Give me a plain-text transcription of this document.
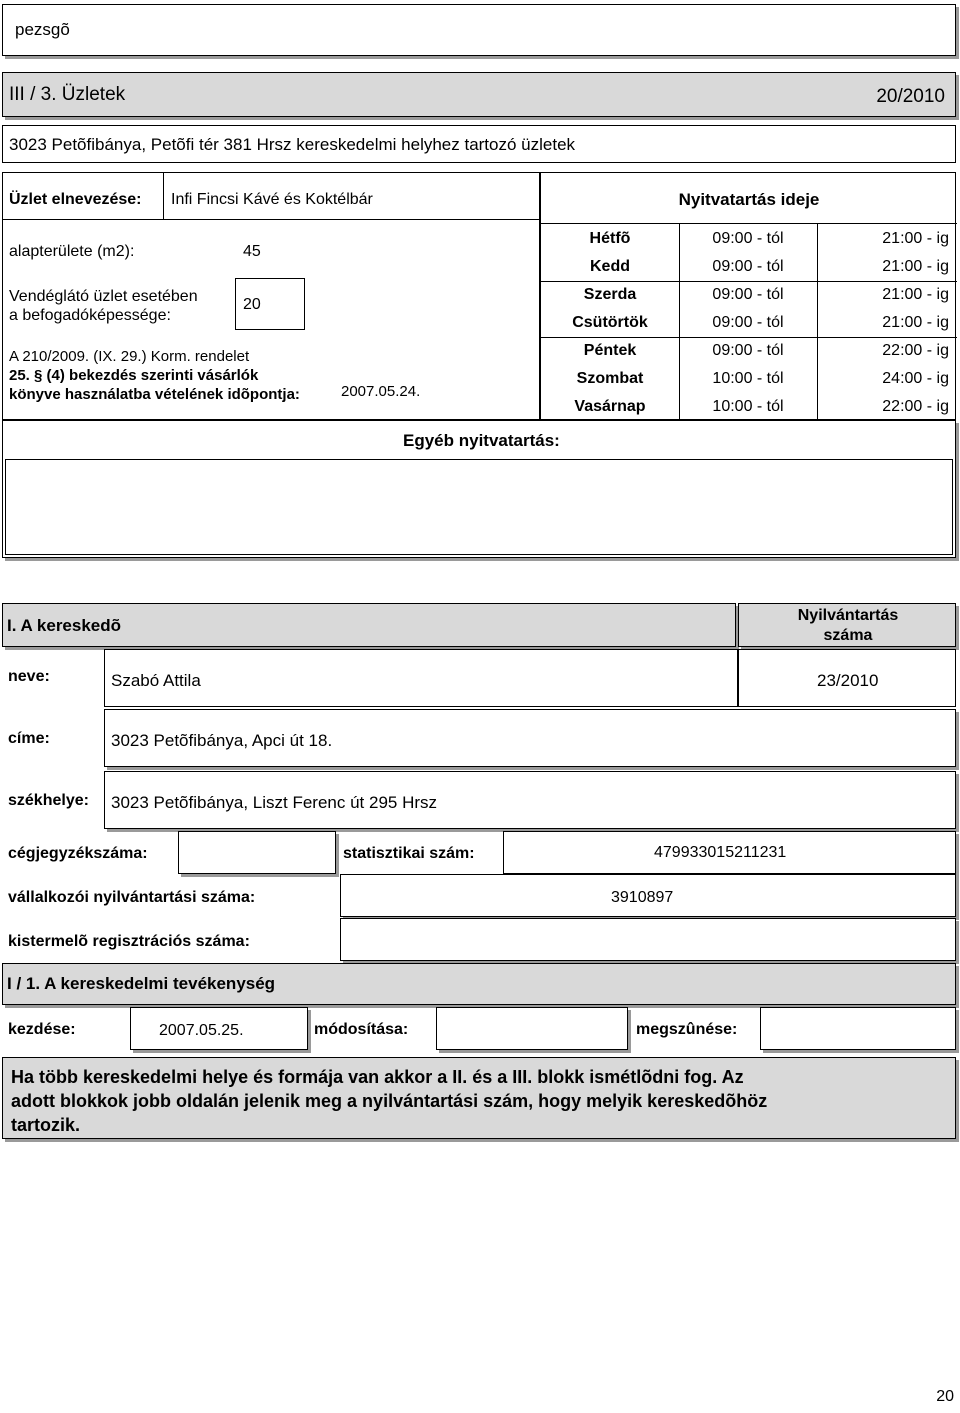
pezsgõ
III / 3. Üzletek	20/2010
3023 Petõfibánya, Petõfi tér 381 Hrsz kereskedelmi helyhez tartozó üzletek
Üzlet elnevezése: Infi Fincsi Kávé és Koktélbár
alapterülete (m2):	45
Vendéglátó üzlet esetében
a befogadóképessége:
20
A 210/2009. (IX. 29.) Korm. rendelet
25. § (4) bekezdés szerinti vásárlók
könyve használatba vételének idõpontja:	2007.05.24.
Nyitvatartás ideje
Hétfõ	09:00 - tól	21:00 - ig
Kedd	09:00 - tól	21:00 - ig
Szerda	09:00 - tól	21:00 - ig
Csütörtök	09:00 - tól	21:00 - ig
Péntek	09:00 - tól	22:00 - ig
Szombat	10:00 - tól	24:00 - ig
Vasárnap	10:00 - tól	22:00 - ig
Egyéb nyitvatartás:
I. A kereskedõ
Nyilvántartás
száma
neve:	Szabó Attila	23/2010
címe:	3023 Petõfibánya, Apci út 18.
székhelye: 3023 Petõfibánya, Liszt Ferenc út 295 Hrsz
cégjegyzékszáma:	statisztikai szám:	479933015211231
vállalkozói nyilvántartási száma:	3910897
kistermelõ regisztrációs száma:
I / 1. A kereskedelmi tevékenység
kezdése:	2007.05.25.	módosítása:	megszûnése:
Ha több kereskedelmi helye és formája van akkor a II. és a III. blokk ismétlõdni fog. Az
adott blokkok jobb oldalán jelenik meg a nyilvántartási szám, hogy melyik kereskedõhöz
tartozik.
20
